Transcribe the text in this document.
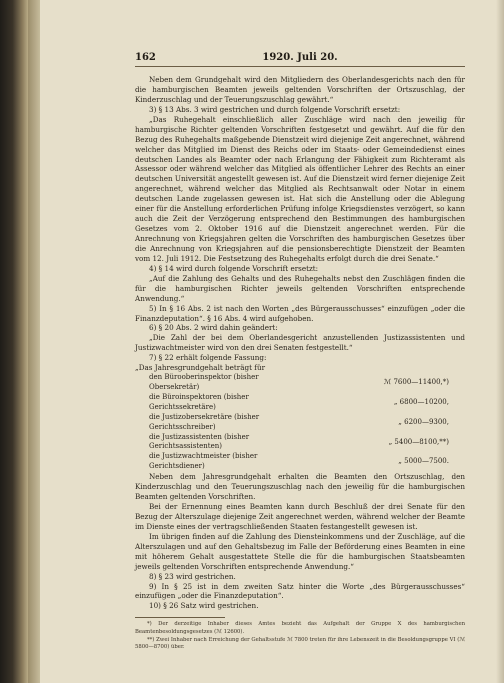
162	1920. Juli 20.

Neben dem Grundgehalt wird den Mitgliedern des Oberlandesgerichts nach den für die hamburgischen Beamten jeweils geltenden Vorschriften der Ortszuschlag, der Kinderzuschlag und der Teuerungszuschlag gewährt.“

3) § 13 Abs. 3 wird gestrichen und durch folgende Vorschrift ersetzt:

„Das Ruhegehalt einschließlich aller Zuschläge wird nach den jeweilig für hamburgische Richter geltenden Vorschriften festgesetzt und gewährt. Auf die für den Bezug des Ruhegehalts maßgebende Dienstzeit wird diejenige Zeit angerechnet, während welcher das Mitglied im Dienst des Reichs oder im Staats- oder Gemeindedienst eines deutschen Landes als Beamter oder nach Erlangung der Fähigkeit zum Richteramt als Assessor oder während welcher das Mitglied als öffentlicher Lehrer des Rechts an einer deutschen Universität angestellt gewesen ist. Auf die Dienstzeit wird ferner diejenige Zeit angerechnet, während welcher das Mitglied als Rechtsanwalt oder Notar in einem deutschen Lande zugelassen gewesen ist. Hat sich die Anstellung oder die Ablegung einer für die Anstellung erforderlichen Prüfung infolge Kriegsdienstes verzögert, so kann auch die Zeit der Verzögerung entsprechend den Bestimmungen des hamburgischen Gesetzes vom 2. Oktober 1916 auf die Dienstzeit angerechnet werden. Für die Anrechnung von Kriegsjahren gelten die Vorschriften des hamburgischen Gesetzes über die Anrechnung von Kriegsjahren auf die pensionsberechtigte Dienstzeit der Beamten vom 12. Juli 1912. Die Festsetzung des Ruhegehalts erfolgt durch die drei Senate.“

4) § 14 wird durch folgende Vorschrift ersetzt:

„Auf die Zahlung des Gehalts und des Ruhegehalts nebst den Zuschlägen finden die für die hamburgischen Richter jeweils geltenden Vorschriften entsprechende Anwendung.“

5) In § 16 Abs. 2 ist nach den Worten „des Bürgerausschusses“ einzufügen „oder die Finanzdeputation“. § 16 Abs. 4 wird aufgehoben.

6) § 20 Abs. 2 wird dahin geändert:

„Die Zahl der bei dem Oberlandesgericht anzustellenden Justizassistenten und Justizwachtmeister wird von den drei Senaten festgestellt.“

7) § 22 erhält folgende Fassung:

„Das Jahresgrundgehalt beträgt für

den Bürooberinspektor (bisher Obersekretär)	ℳ 7600—11400,*)
die Büroinspektoren (bisher Gerichtssekretäre)	„ 6800—10200,
die Justizobersekretäre (bisher Gerichtsschreiber)	„ 6200—9300,
die Justizassistenten (bisher Gerichtsassistenten)	„ 5400—8100,**)
die Justizwachtmeister (bisher Gerichtsdiener)	„ 5000—7500.

Neben dem Jahresgrundgehalt erhalten die Beamten den Ortszuschlag, den Kinderzuschlag und den Teuerungszuschlag nach den jeweilig für die hamburgischen Beamten geltenden Vorschriften.

Bei der Ernennung eines Beamten kann durch Beschluß der drei Senate für den Bezug der Alterszulage diejenige Zeit angerechnet werden, während welcher der Beamte im Dienste eines der vertragschließenden Staaten festangestellt gewesen ist.

Im übrigen finden auf die Zahlung des Diensteinkommens und der Zuschläge, auf die Alterszulagen und auf den Gehaltsbezug im Falle der Beförderung eines Beamten in eine mit höherem Gehalt ausgestattete Stelle die für die hamburgischen Staatsbeamten jeweils geltenden Vorschriften entsprechende Anwendung.“

8) § 23 wird gestrichen.

9) In § 25 ist in dem zweiten Satz hinter die Worte „des Bürgerausschusses“ einzufügen „oder die Finanzdeputation“.

10) § 26 Satz wird gestrichen.

*) Der derzeitige Inhaber dieses Amtes bezieht das Aufgehalt der Gruppe X des hamburgischen Beamtenbesoldungsgesetzes (ℳ 12600).

**) Zwei Inhaber nach Erreichung der Gehaltsstufe ℳ 7800 treten für ihre Lebenszeit in die Besoldungsgruppe VI (ℳ 5800—8700) über.
